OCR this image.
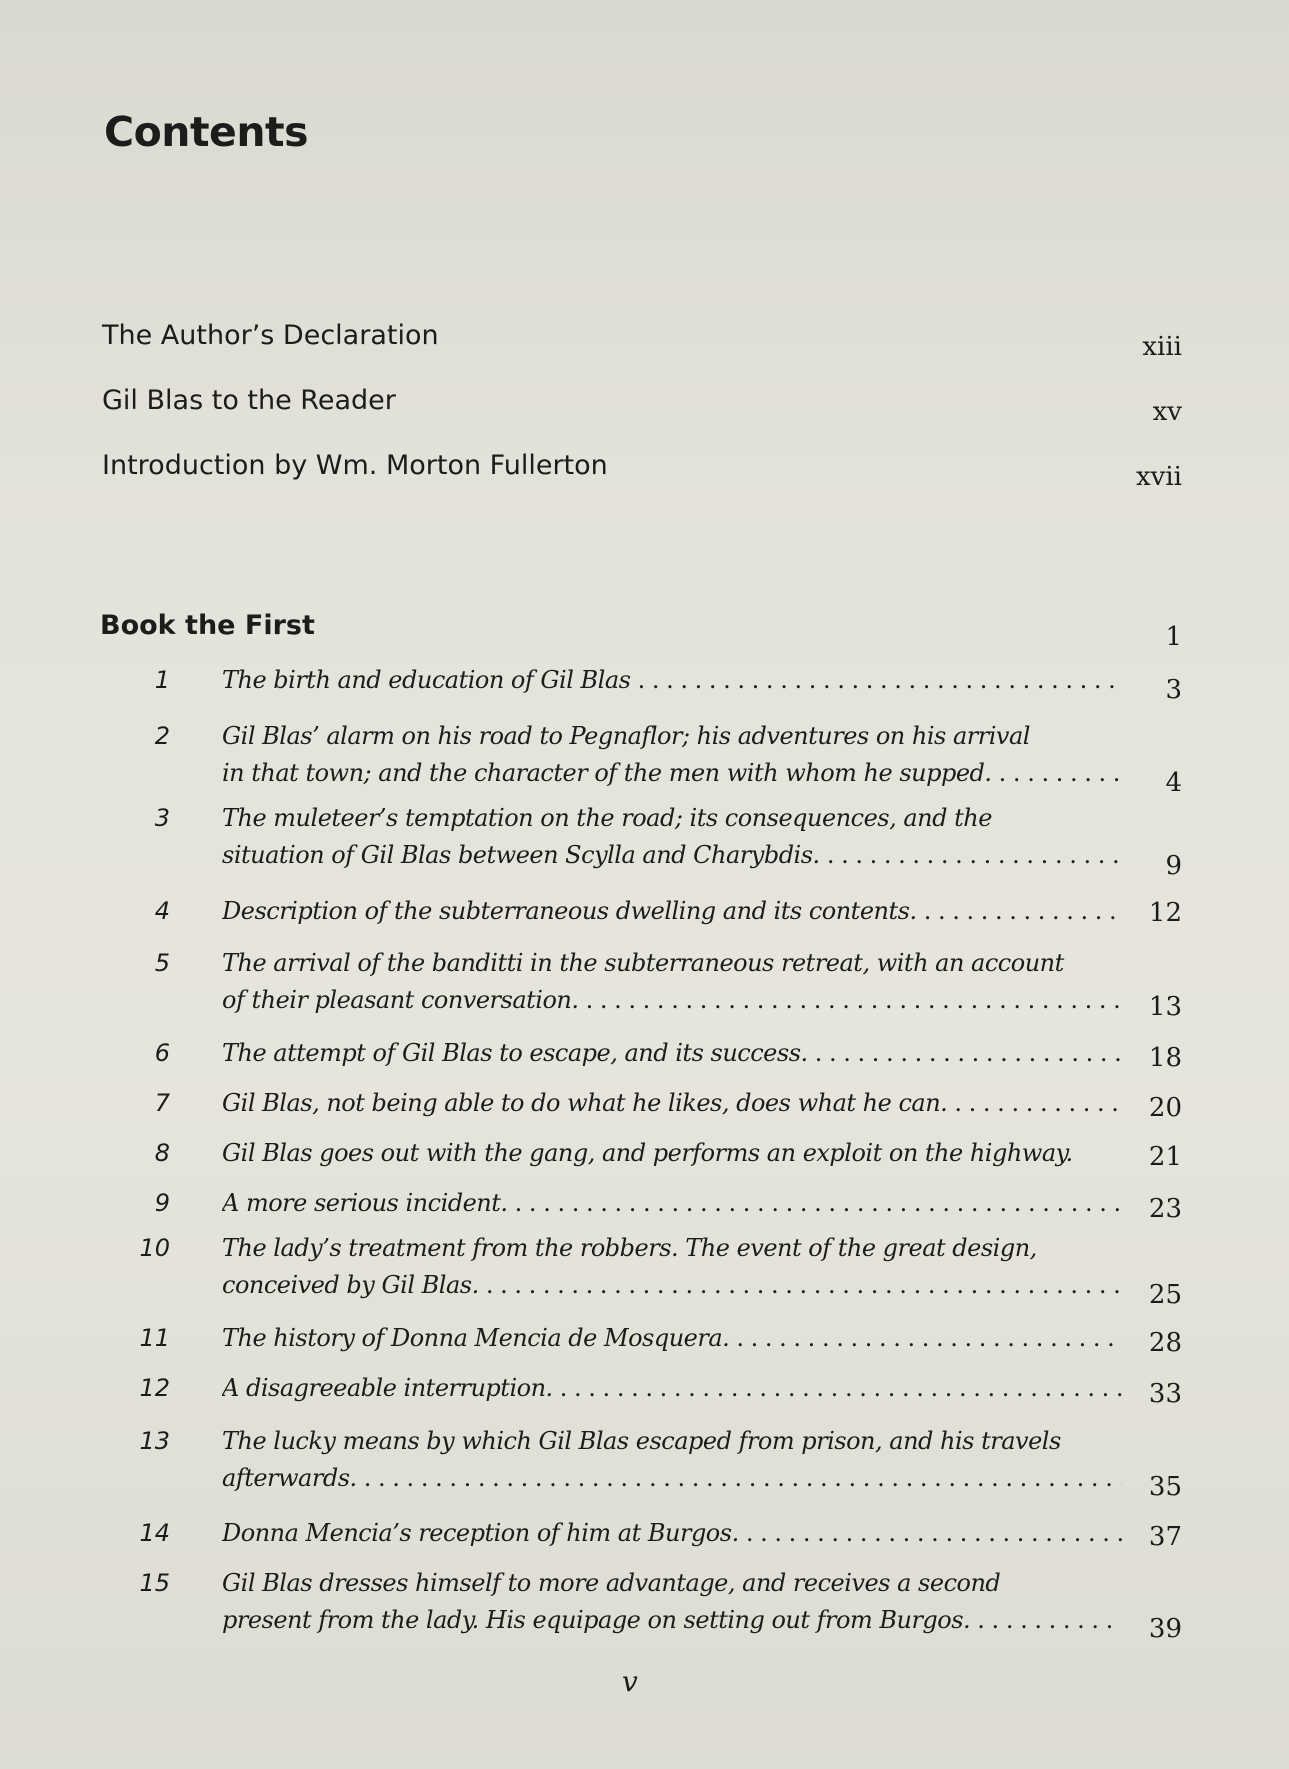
Contents
The Author’s Declaration	xiii
Gil Blas to the Reader	xv
Introduction by Wm. Morton Fullerton	xvii
Book the First	1
1 The birth and education of Gil Blas . . .	3
2 Gil Blas’ alarm on his road to Pegnaflor; his adventures on his arrival
in that town; and the character of the men with whom he supped. . . .	4
3 The muleteer’s temptation on the road; its consequences, and the
situation of Gil Blas between Scylla and Charybdis. . . .	9
4 Description of the subterraneous dwelling and its contents. . . .	12
5 The arrival of the banditti in the subterraneous retreat, with an account
of their pleasant conversation. . . .	13
6 The attempt of Gil Blas to escape, and its success. . . .	18
7 Gil Blas, not being able to do what he likes, does what he can. . . .	20
8 Gil Blas goes out with the gang, and performs an exploit on the highway.	21
9 A more serious incident. . . .	23
10 The lady’s treatment from the robbers. The event of the great design,
conceived by Gil Blas. . . .	25
11 The history of Donna Mencia de Mosquera. . . .	28
12 A disagreeable interruption. . . .	33
13 The lucky means by which Gil Blas escaped from prison, and his travels
afterwards. . . .	35
14 Donna Mencia’s reception of him at Burgos. . . .	37
15 Gil Blas dresses himself to more advantage, and receives a second
present from the lady. His equipage on setting out from Burgos. . . .	39
v
